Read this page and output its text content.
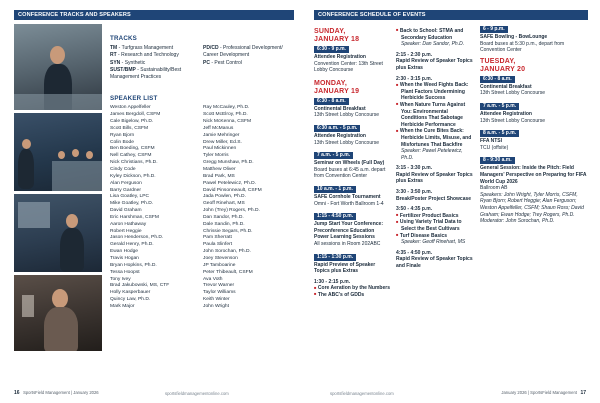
CONFERENCE TRACKS AND SPEAKERS
TRACKS
TM - Turfgrass Management
RT - Research and Technology
SYN - Synthetic
SUST/BMP - Sustainability/Best
Management Practices
PD/CD - Professional Development/
Career Development
PC - Pest Control
SPEAKER LIST
Weston Appelfeller
James Bergdoll, CSFM
Cale Bigelow, Ph.D.
Scott Bills, CSFM
Ryan Bjorn
Colin Bode
Ben Boeding, CSFM
Nell Cathey, CSFM
Nick Christians, Ph.D.
Cindy Code
Kyley Dickson, Ph.D.
Alan Ferguson
Barry Gardner
Lisa Goatley, LPC
Mike Goatley, Ph.D.
David Graham
Eric Harshman, CSFM
Aaron Hathaway
Robert Heggie
Jason Henderson, Ph.D.
Gerald Henry, Ph.D.
Ewan Hodge
Travis Hogan
Bryan Hopkins, Ph.D.
Tessa Hoopst
Tony Ivey
Brad Jakubowski, MS, CTF
Holly Kasperbauer
Quincy Law, Ph.D.
Mark Major
Ray McCauley, Ph.D.
Scott McElroy, Ph.D.
Nick McKenna, CSFM
Jeff McManus
Jamie Mehringer
Drew Miller, Ed.S.
Paul Mickinnen
Tyler Morris
Gregg Munshaw, Ph.D.
Matthew Oliver
Brad Park, MS
Pawel Petelewicz, Ph.D.
David Pinsonneault, CSFM
Jada Powlen, Ph.D.
Geoff Rinehart, MS
John (Trey) Rogers, Ph.D.
Dan Sandor, Ph.D.
Dale Sandin, Ph.D.
Chrissie Segars, Ph.D.
Pam Sherratt
Paula Slinfert
John Sorochan, Ph.D.
Joey Stevenson
JP Tamboarine
Peter Thibeault, CSFM
Ava Voth
Trevor Warner
Taylor Williams
Keith Winter
John Wright
16 SportsField Management | January 2026	sportsfieldmanagementonline.com
CONFERENCE SCHEDULE OF EVENTS
SUNDAY,
JANUARY 18
6:30 - 9 p.m.
Attendee Registration
Convention Center: 13th Street Lobby Concourse
MONDAY,
JANUARY 19
6:30 - 8 a.m.
Continental Breakfast
13th Street Lobby Concourse
6:30 a.m. - 5 p.m.
Attendee Registration
13th Street Lobby Concourse
7 a.m. - 5 p.m.
Seminar on Wheels (Full Day)
Board buses at 6:45 a.m. depart from Convention Center
10 a.m. - 1 p.m.
SAFE Cornhole Tournament
Omni - Fort Worth Ballroom 1-4
1:15 - 4:50 p.m.
Jump Start Your Conference: Preconference Education Power Learning Sessions
All sessions in Room 202ABC
1:15 - 1:30 p.m.
Rapid Preview of Speaker Topics plus Extras
1:30 - 2:15 p.m.
■ Core Aeration by the Numbers
■ The ABC's of GDDs
■ Back to School: STMA and Secondary Education
Speaker: Dan Sandor, Ph.D.
2:15 - 2:30 p.m.
Rapid Review of Speaker Topics plus Extras
2:30 - 3:15 p.m.
■ When the Weed Fights Back: Plant Factors Undermining Herbicide Success
■ When Nature Turns Against You: Environmental Conditions That Sabotage Herbicide Performance
■ When the Cure Bites Back: Herbicide Limits, Misuse, and Misfortunes That Backfire
Speaker: Pawel Petelewicz, Ph.D.
3:15 - 3:30 p.m.
Rapid Review of Speaker Topics plus Extras
3:30 - 3:50 p.m.
Break/Poster Project Showcase
3:50 - 4:35 p.m.
■ Fertilizer Product Basics
■ Using Variety Trial Data to Select the Best Cultivars
■ Turf Disease Basics
Speaker: Geoff Rinehart, MS
4:35 - 4:50 p.m.
Rapid Review of Speaker Topics and Finale
6 - 9 p.m.
SAFE Bowling - BowLounge
Board buses at 5:30 p.m., depart from Convention Center
TUESDAY,
JANUARY 20
6:30 - 8 a.m.
Continental Breakfast
13th Street Lobby Concourse
7 a.m. - 5 p.m.
Attendee Registration
13th Street Lobby Concourse
8 a.m. - 5 p.m.
FFA NTSI
TCU (offsite)
8 - 9:30 a.m.
General Session: Inside the Pitch: Field Managers' Perspective on Preparing for FIFA World Cup 2026
Ballroom AB
Speakers: John Wright, Tyler Morris, CSFM, Ryan Bjorn; Robert Heggie; Alan Ferguson; Weston Appelfeller, CSFM; Shaun Ross; David Graham; Ewan Hodge; Trey Rogers, Ph.D.
Moderator: John Sorochan, Ph.D.
sportsfieldmanagementonline.com	January 2026 | SportsField Management 17
